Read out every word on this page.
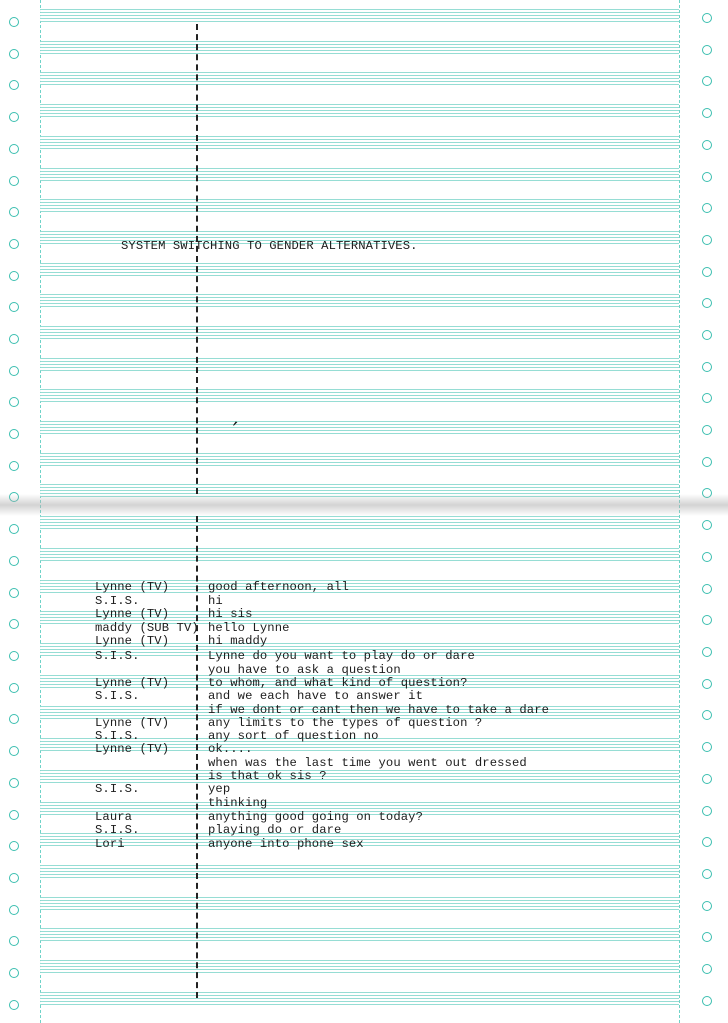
SYSTEM SWITCHING TO GENDER ALTERNATIVES.
,
Lynne (TV)	good afternoon, all
S.I.S.	hi
Lynne (TV)	hi sis
maddy (SUB TV) hello Lynne
Lynne (TV)	hi maddy
S.I.S.	Lynne do you want to play do or dare
you have to ask a question
Lynne (TV)	to whom, and what kind of question?
S.I.S.	and we each have to answer it
if we dont or cant then we have to take a dare
Lynne (TV)	any limits to the types of question ?
S.I.S.	any sort of question no
Lynne (TV)	ok....
when was the last time you went out dressed
is that ok sis ?
S.I.S.	yep
thinking
Laura	anything good going on today?
S.I.S.	playing do or dare
Lori	anyone into phone sex
